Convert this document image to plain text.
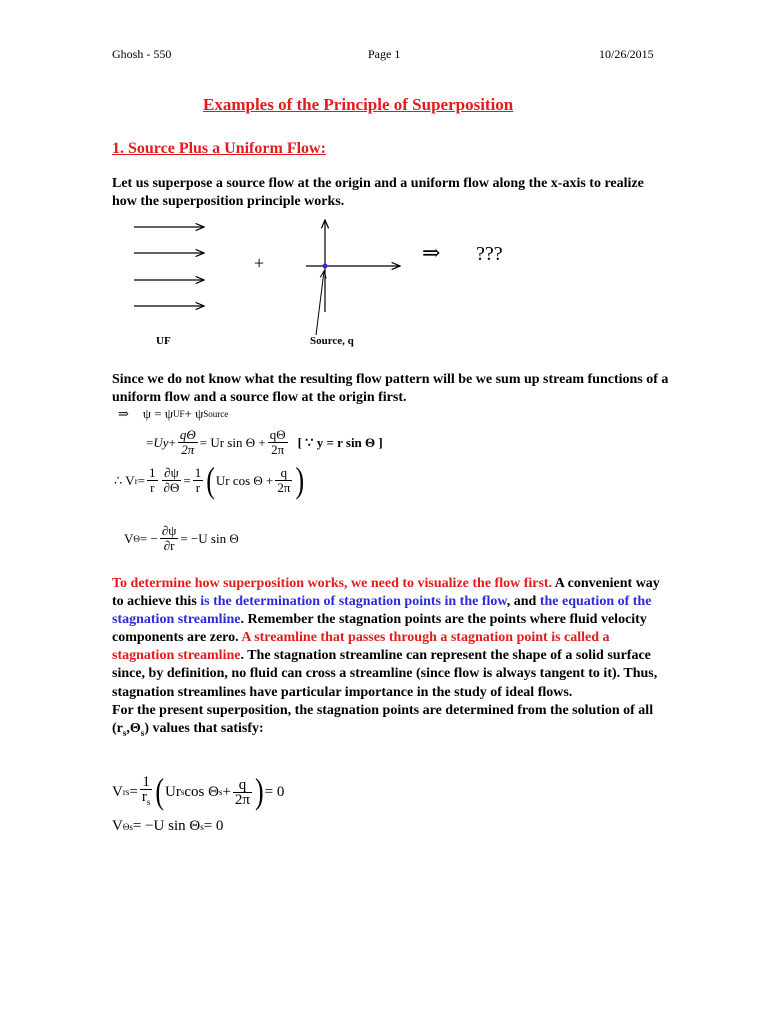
Ghosh - 550	Page 1	10/26/2015
Examples of the Principle of Superposition
1. Source Plus a Uniform Flow:
Let us superpose a source flow at the origin and a uniform flow along the x-axis to realize how the superposition principle works.
+	⇒ ???
UF	Source, q
Since we do not know what the resulting flow pattern will be we sum up stream functions of a uniform flow and a source flow at the origin first.
⇒ ψ = ψ UF + ψ Source
= $Uy + \frac{q\Theta}{2\pi} = Ur$ $\sin \Theta + \frac{q\Theta}{2\pi}$ [ ∵ y = r sin Θ ]
∴ V $r = \frac{1}{r} \frac{\partial\psi}{\partial\Theta} = \frac{1}{r}$ ( Ur $\cos \Theta + \frac{q}{2\pi}$ )
V Θ = − $\frac{\partial\psi}{\partial r} = -U$ sin Θ
To determine how superposition works, we need to visualize the flow first. A convenient way to achieve this is the determination of stagnation points in the flow, and the equation of the stagnation streamline. Remember the stagnation points are the points where fluid velocity components are zero. A streamline that passes through a stagnation point is called a stagnation streamline. The stagnation streamline can represent the shape of a solid surface since, by definition, no fluid can cross a streamline (since flow is always tangent to it). Thus, stagnation streamlines have particular importance in the study of ideal flows.
For the present superposition, the stagnation points are determined from the solution of all $(r_s,\Theta_s)$ values that satisfy:
V rs = $\frac{1}{r_s}$ ( Ur s cos Θ $s + \frac{q}{2\pi}$ ) = 0
V Θs = −U sin Θ s = 0
